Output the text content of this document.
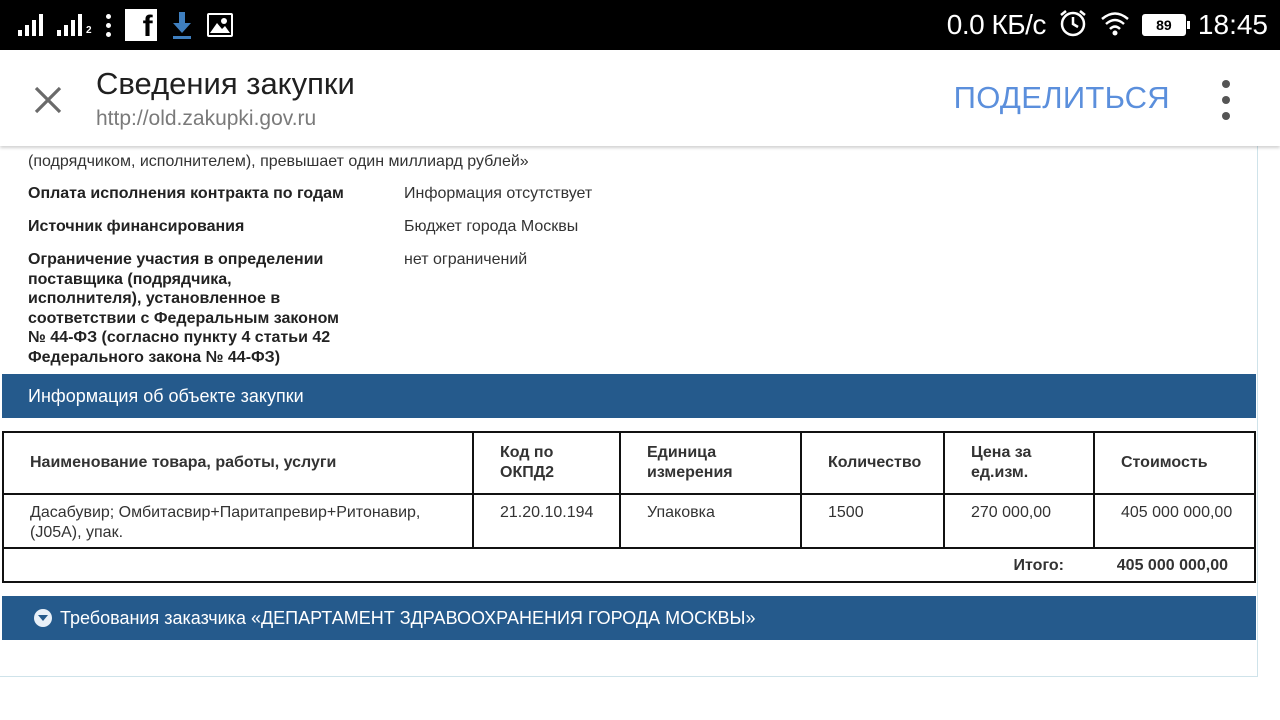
$_2$	f	0.0 КБ/с	89 18:45
Сведения закупки
http://old.zakupki.gov.ru
ПОДЕЛИТЬСЯ

(подрядчиком, исполнителем), превышает один миллиард рублей»
Оплата исполнения контракта по годам	Информация отсутствует
Источник финансирования	Бюджет города Москвы
Ограничение участия в определении поставщика (подрядчика, исполнителя), установленное в соответствии с Федеральным законом № 44-ФЗ (согласно пункту 4 статьи 42 Федерального закона № 44-ФЗ)
нет ограничений
Информация об объекте закупки
Наименование товара, работы, услуги	Код по ОКПД2	Единица измерения	Количество	Цена за ед.изм.	Стоимость
Дасабувир; Омбитасвир+Паритапревир+Ритонавир, (J05A), упак.	21.20.10.194	Упаковка	1500	270 000,00	405 000 000,00

Итого: 405 000 000,00					
Требования заказчика «ДЕПАРТАМЕНТ ЗДРАВООХРАНЕНИЯ ГОРОДА МОСКВЫ»
